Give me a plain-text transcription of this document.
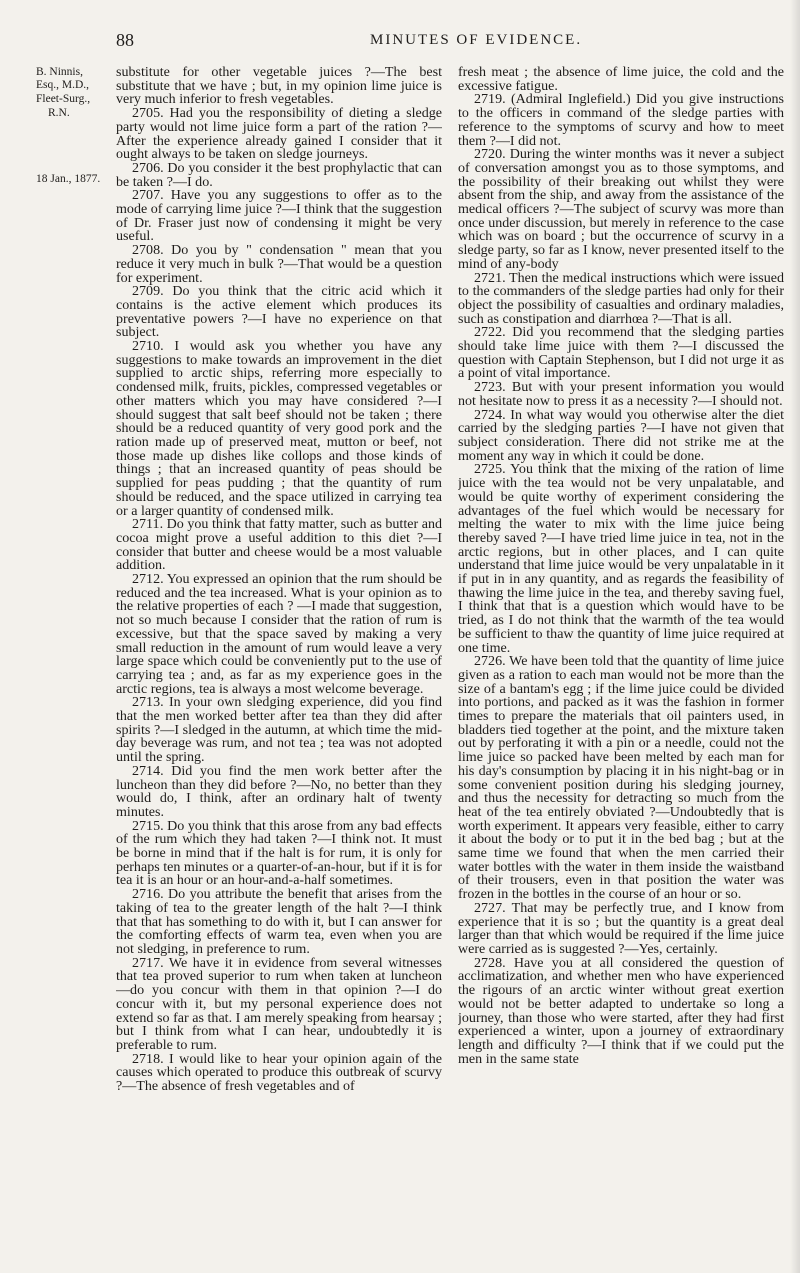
88	MINUTES OF EVIDENCE.
B. Ninnis,
Esq., M.D.,
Fleet-Surg.,
R.N.
18 Jan., 1877.

substitute for other vegetable juices ?—The best substitute that we have ; but, in my opinion lime juice is very much inferior to fresh vegetables.

2705. Had you the responsibility of dieting a sledge party would not lime juice form a part of the ration ?—After the experience already gained I consider that it ought always to be taken on sledge journeys.

2706. Do you consider it the best prophylactic that can be taken ?—I do.

2707. Have you any suggestions to offer as to the mode of carrying lime juice ?—I think that the suggestion of Dr. Fraser just now of condensing it might be very useful.

2708. Do you by " condensation " mean that you reduce it very much in bulk ?—That would be a question for experiment.

2709. Do you think that the citric acid which it contains is the active element which produces its preventative powers ?—I have no experience on that subject.

2710. I would ask you whether you have any suggestions to make towards an improvement in the diet supplied to arctic ships, referring more especially to condensed milk, fruits, pickles, compressed vegetables or other matters which you may have considered ?—I should suggest that salt beef should not be taken ; there should be a reduced quantity of very good pork and the ration made up of preserved meat, mutton or beef, not those made up dishes like collops and those kinds of things ; that an increased quantity of peas should be supplied for peas pudding ; that the quantity of rum should be reduced, and the space utilized in carrying tea or a larger quantity of condensed milk.

2711. Do you think that fatty matter, such as butter and cocoa might prove a useful addition to this diet ?—I consider that butter and cheese would be a most valuable addition.

2712. You expressed an opinion that the rum should be reduced and the tea increased. What is your opinion as to the relative properties of each ? —I made that suggestion, not so much because I consider that the ration of rum is excessive, but that the space saved by making a very small reduction in the amount of rum would leave a very large space which could be conveniently put to the use of carrying tea ; and, as far as my experience goes in the arctic regions, tea is always a most welcome beverage.

2713. In your own sledging experience, did you find that the men worked better after tea than they did after spirits ?—I sledged in the autumn, at which time the mid-day beverage was rum, and not tea ; tea was not adopted until the spring.

2714. Did you find the men work better after the luncheon than they did before ?—No, no better than they would do, I think, after an ordinary halt of twenty minutes.

2715. Do you think that this arose from any bad effects of the rum which they had taken ?—I think not. It must be borne in mind that if the halt is for rum, it is only for perhaps ten minutes or a quarter-of-an-hour, but if it is for tea it is an hour or an hour-and-a-half sometimes.

2716. Do you attribute the benefit that arises from the taking of tea to the greater length of the halt ?—I think that that has something to do with it, but I can answer for the comforting effects of warm tea, even when you are not sledging, in preference to rum.

2717. We have it in evidence from several witnesses that tea proved superior to rum when taken at luncheon —do you concur with them in that opinion ?—I do concur with it, but my personal experience does not extend so far as that. I am merely speaking from hearsay ; but I think from what I can hear, undoubtedly it is preferable to rum.

2718. I would like to hear your opinion again of the causes which operated to produce this outbreak of scurvy ?—The absence of fresh vegetables and of

fresh meat ; the absence of lime juice, the cold and the excessive fatigue.

2719. (Admiral Inglefield.) Did you give instructions to the officers in command of the sledge parties with reference to the symptoms of scurvy and how to meet them ?—I did not.

2720. During the winter months was it never a subject of conversation amongst you as to those symptoms, and the possibility of their breaking out whilst they were absent from the ship, and away from the assistance of the medical officers ?—The subject of scurvy was more than once under discussion, but merely in reference to the case which was on board ; but the occurrence of scurvy in a sledge party, so far as I know, never presented itself to the mind of any-body

2721. Then the medical instructions which were issued to the commanders of the sledge parties had only for their object the possibility of casualties and ordinary maladies, such as constipation and diarrhœa ?—That is all.

2722. Did you recommend that the sledging parties should take lime juice with them ?—I discussed the question with Captain Stephenson, but I did not urge it as a point of vital importance.

2723. But with your present information you would not hesitate now to press it as a necessity ?—I should not.

2724. In what way would you otherwise alter the diet carried by the sledging parties ?—I have not given that subject consideration. There did not strike me at the moment any way in which it could be done.

2725. You think that the mixing of the ration of lime juice with the tea would not be very unpalatable, and would be quite worthy of experiment considering the advantages of the fuel which would be necessary for melting the water to mix with the lime juice being thereby saved ?—I have tried lime juice in tea, not in the arctic regions, but in other places, and I can quite understand that lime juice would be very unpalatable in it if put in in any quantity, and as regards the feasibility of thawing the lime juice in the tea, and thereby saving fuel, I think that that is a question which would have to be tried, as I do not think that the warmth of the tea would be sufficient to thaw the quantity of lime juice required at one time.

2726. We have been told that the quantity of lime juice given as a ration to each man would not be more than the size of a bantam's egg ; if the lime juice could be divided into portions, and packed as it was the fashion in former times to prepare the materials that oil painters used, in bladders tied together at the point, and the mixture taken out by perforating it with a pin or a needle, could not the lime juice so packed have been melted by each man for his day's consumption by placing it in his night-bag or in some convenient position during his sledging journey, and thus the necessity for detracting so much from the heat of the tea entirely obviated ?—Undoubtedly that is worth experiment. It appears very feasible, either to carry it about the body or to put it in the bed bag ; but at the same time we found that when the men carried their water bottles with the water in them inside the waistband of their trousers, even in that position the water was frozen in the bottles in the course of an hour or so.

2727. That may be perfectly true, and I know from experience that it is so ; but the quantity is a great deal larger than that which would be required if the lime juice were carried as is suggested ?—Yes, certainly.

2728. Have you at all considered the question of acclimatization, and whether men who have experienced the rigours of an arctic winter without great exertion would not be better adapted to undertake so long a journey, than those who were started, after they had first experienced a winter, upon a journey of extraordinary length and difficulty ?—I think that if we could put the men in the same state
